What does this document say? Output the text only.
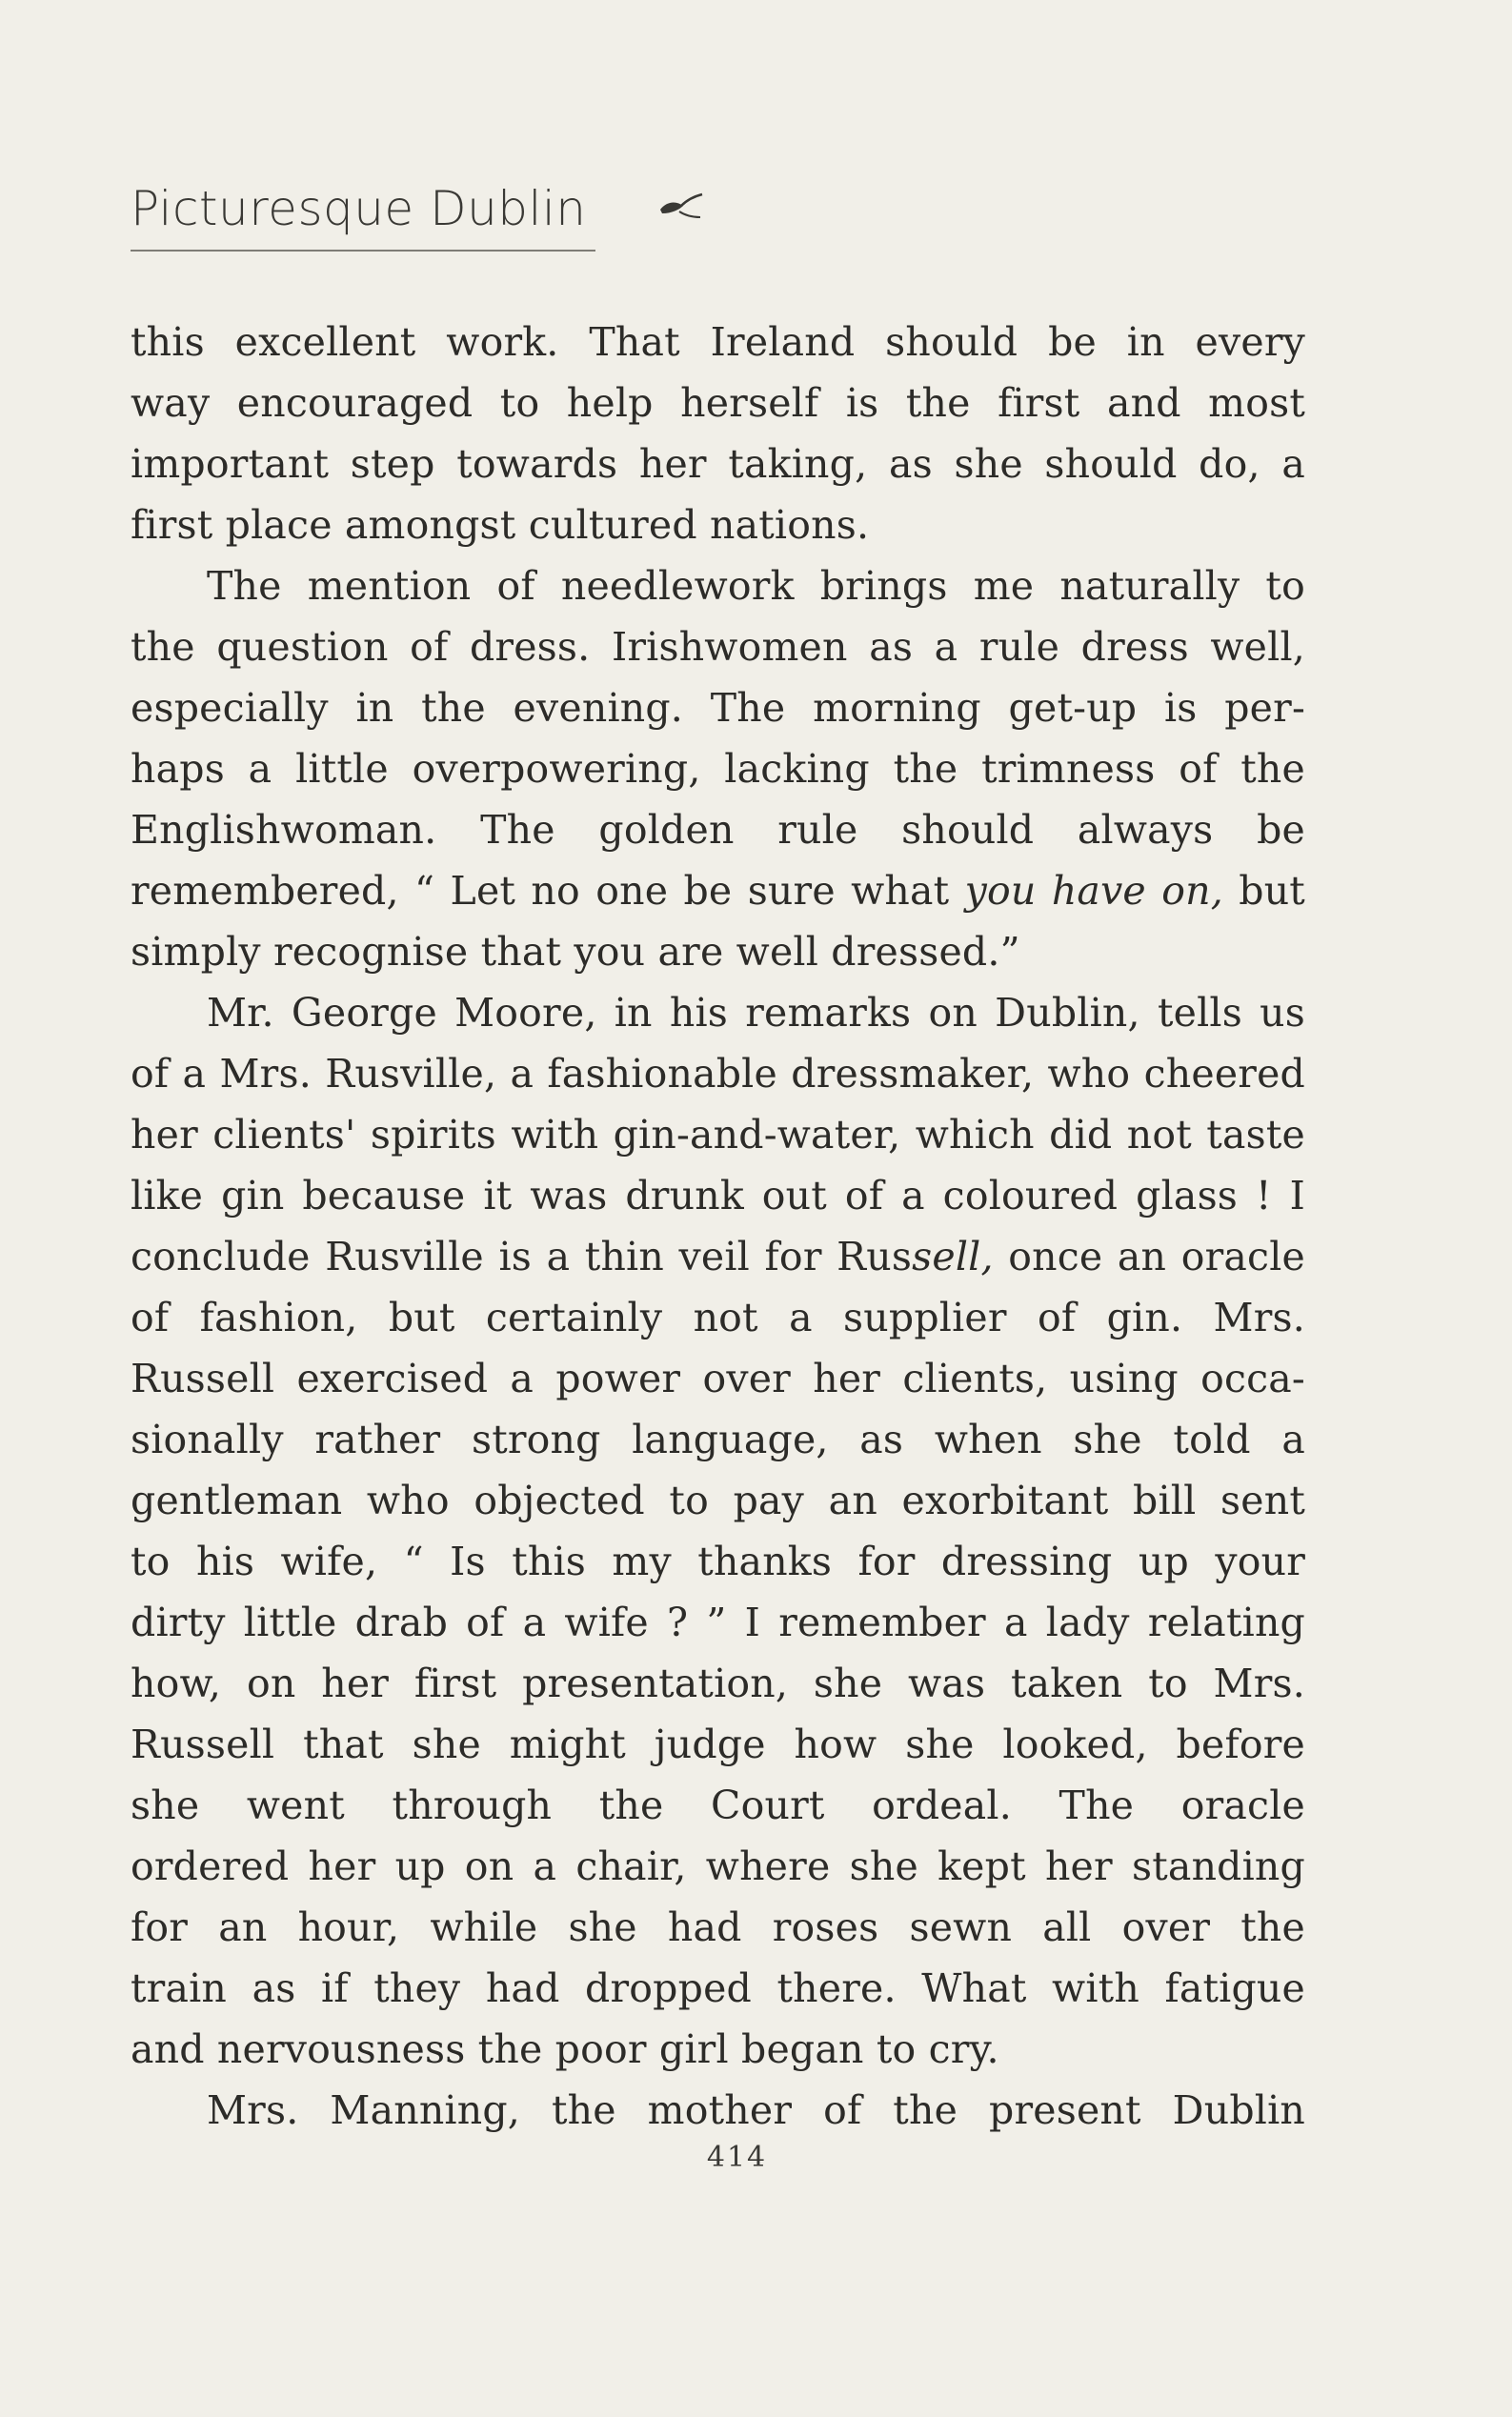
Picturesque Dublin
this excellent work. That Ireland should be in every
way encouraged to help herself is the first and most
important step towards her taking, as she should do, a
first place amongst cultured nations.
The mention of needlework brings me naturally to
the question of dress. Irishwomen as a rule dress well,
especially in the evening. The morning get-up is per-
haps a little overpowering, lacking the trimness of the
Englishwoman. The golden rule should always be
remembered, “ Let no one be sure what you have on, but
simply recognise that you are well dressed.”
Mr. George Moore, in his remarks on Dublin, tells us
of a Mrs. Rusville, a fashionable dressmaker, who cheered
her clients' spirits with gin-and-water, which did not taste
like gin because it was drunk out of a coloured glass ! I
conclude Rusville is a thin veil for Russell, once an oracle
of fashion, but certainly not a supplier of gin. Mrs.
Russell exercised a power over her clients, using occa-
sionally rather strong language, as when she told a
gentleman who objected to pay an exorbitant bill sent
to his wife, “ Is this my thanks for dressing up your
dirty little drab of a wife ? ” I remember a lady relating
how, on her first presentation, she was taken to Mrs.
Russell that she might judge how she looked, before
she went through the Court ordeal. The oracle
ordered her up on a chair, where she kept her standing
for an hour, while she had roses sewn all over the
train as if they had dropped there. What with fatigue
and nervousness the poor girl began to cry.
Mrs. Manning, the mother of the present Dublin
414
